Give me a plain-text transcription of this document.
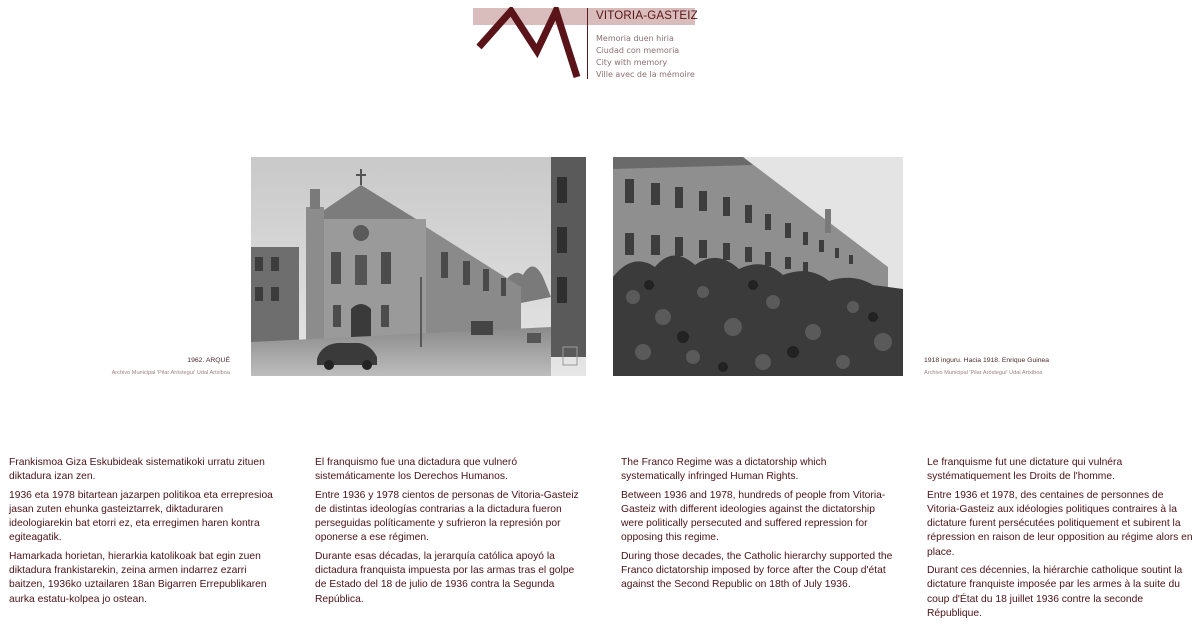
VITORIA-GASTEIZ
Memoria duen hiria
Ciudad con memoria
City with memory
Ville avec de la mémoire
1962. ARQUÉ
Archivo Municipal 'Pilar Aróstegui' Udal Artxiboa
1918 inguru. Hacia 1918. Enrique Guinea
Archivo Municipal 'Pilar Aróstegui' Udal Artxiboa

Frankismoa Giza Eskubideak sistematikoki urratu zituen diktadura izan zen.

1936 eta 1978 bitartean jazarpen politikoa eta errepresioa jasan zuten ehunka gasteiztarrek, diktaduraren ideologiarekin bat etorri ez, eta erregimen haren kontra egiteagatik.

Hamarkada horietan, hierarkia katolikoak bat egin zuen diktadura frankistarekin, zeina armen indarrez ezarri baitzen, 1936ko uztailaren 18an Bigarren Errepublikaren aurka estatu-kolpea jo ostean.

El franquismo fue una dictadura que vulneró sistemáticamente los Derechos Humanos.

Entre 1936 y 1978 cientos de personas de Vitoria-Gasteiz de distintas ideologías contrarias a la dictadura fueron perseguidas políticamente y sufrieron la represión por oponerse a ese régimen.

Durante esas décadas, la jerarquía católica apoyó la dictadura franquista impuesta por las armas tras el golpe de Estado del 18 de julio de 1936 contra la Segunda República.

The Franco Regime was a dictatorship which systematically infringed Human Rights.

Between 1936 and 1978, hundreds of people from Vitoria-Gasteiz with different ideologies against the dictatorship were politically persecuted and suffered repression for opposing this regime.

During those decades, the Catholic hierarchy supported the Franco dictatorship imposed by force after the Coup d'état against the Second Republic on 18th of July 1936.

Le franquisme fut une dictature qui vulnéra systématiquement les Droits de l'homme.

Entre 1936 et 1978, des centaines de personnes de Vitoria-Gasteiz aux idéologies politiques contraires à la dictature furent persécutées politiquement et subirent la répression en raison de leur opposition au régime alors en place.

Durant ces décennies, la hiérarchie catholique soutint la dictature franquiste imposée par les armes à la suite du coup d'État du 18 juillet 1936 contre la seconde République.
